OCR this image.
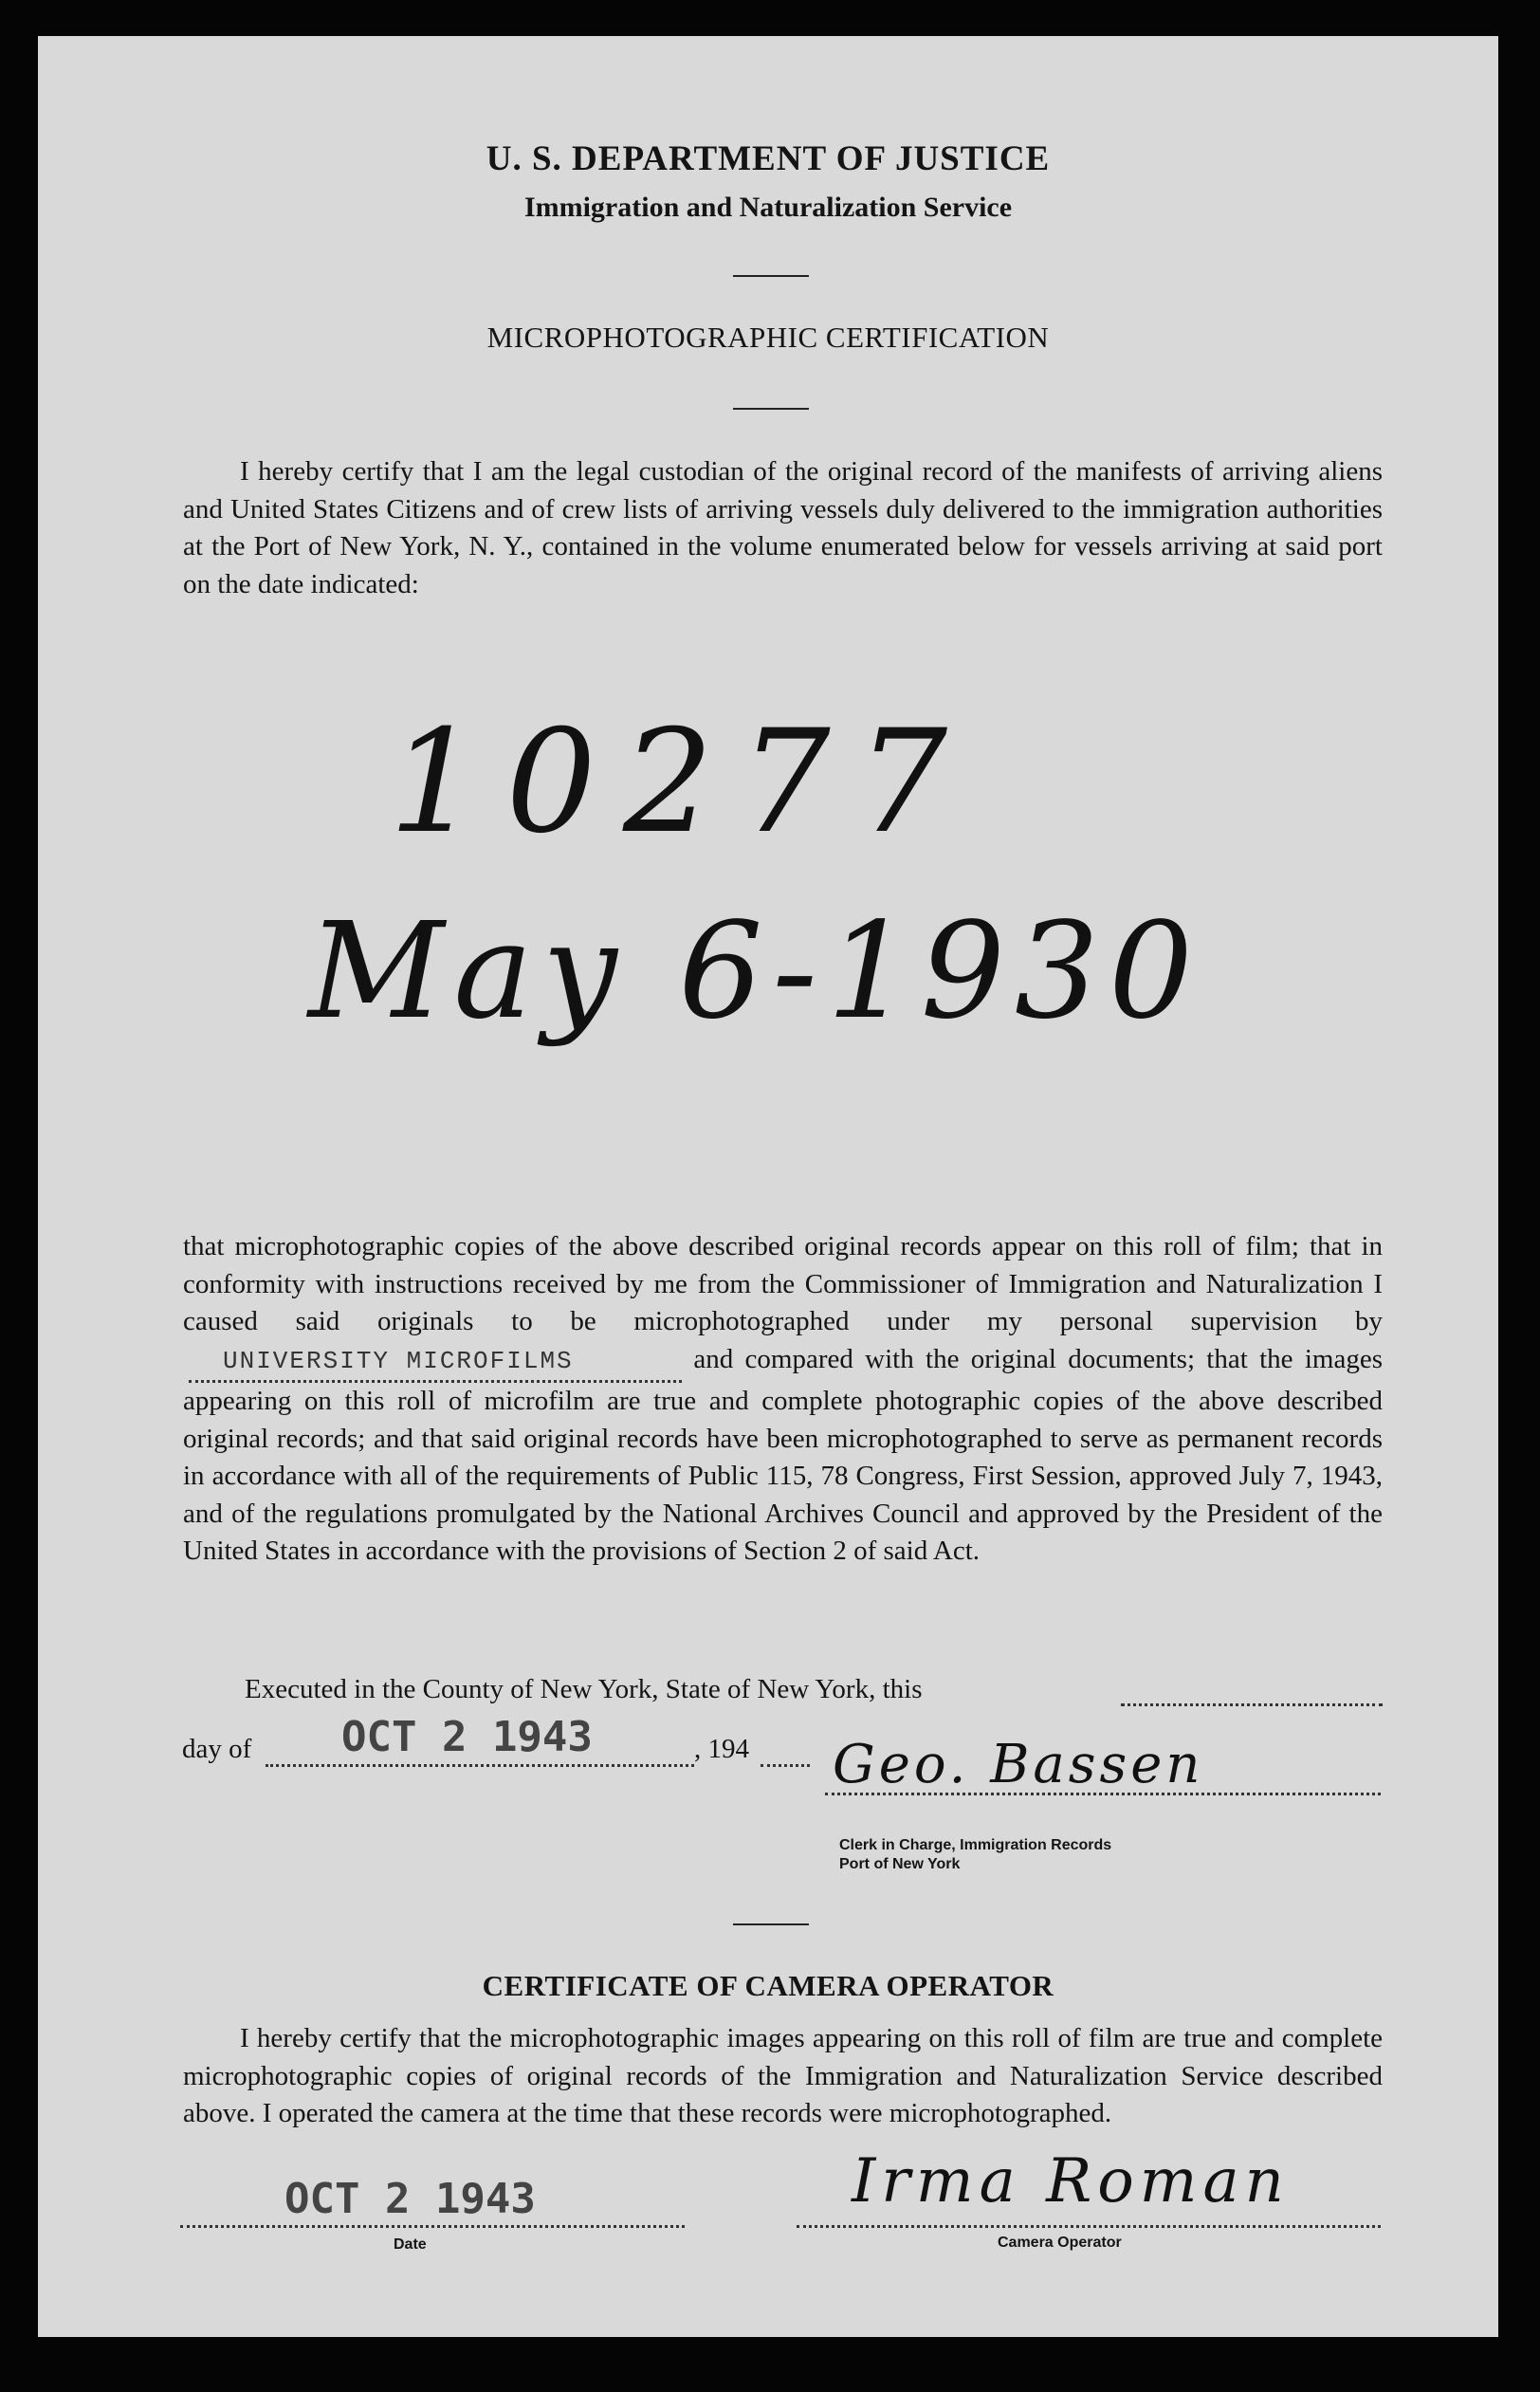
U. S. DEPARTMENT OF JUSTICE
Immigration and Naturalization Service
MICROPHOTOGRAPHIC CERTIFICATION
I hereby certify that I am the legal custodian of the original record of the manifests of arriving aliens and United States Citizens and of crew lists of arriving vessels duly delivered to the immigration authorities at the Port of New York, N. Y., contained in the volume enumerated below for vessels arriving at said port on the date indicated:
10277
May 6-1930
that microphotographic copies of the above described original records appear on this roll of film; that in conformity with instructions received by me from the Commissioner of Immigration and Naturalization I caused said originals to be microphotographed under my personal supervision byUNIVERSITY MICROFILMS	and compared with the original documents; that the images appearing on this roll of microfilm are true and complete photographic copies of the above described original records; and that said original records have been microphotographed to serve as permanent records in accordance with all of the requirements of Public 115, 78 Congress, First Session, approved July 7, 1943, and of the regulations promulgated by the National Archives Council and approved by the President of the United States in accordance with the provisions of Section 2 of said Act.
Executed in the County of New York, State of New York, this
day of OCT 2 1943	, 194 Geo. Bassen
Clerk in Charge, Immigration Records
Port of New York
CERTIFICATE OF CAMERA OPERATOR
I hereby certify that the microphotographic images appearing on this roll of film are true and complete microphotographic copies of original records of the Immigration and Naturalization Service described above. I operated the camera at the time that these records were microphotographed.
OCT 2 1943
Date
Irma Roman
Camera Operator
